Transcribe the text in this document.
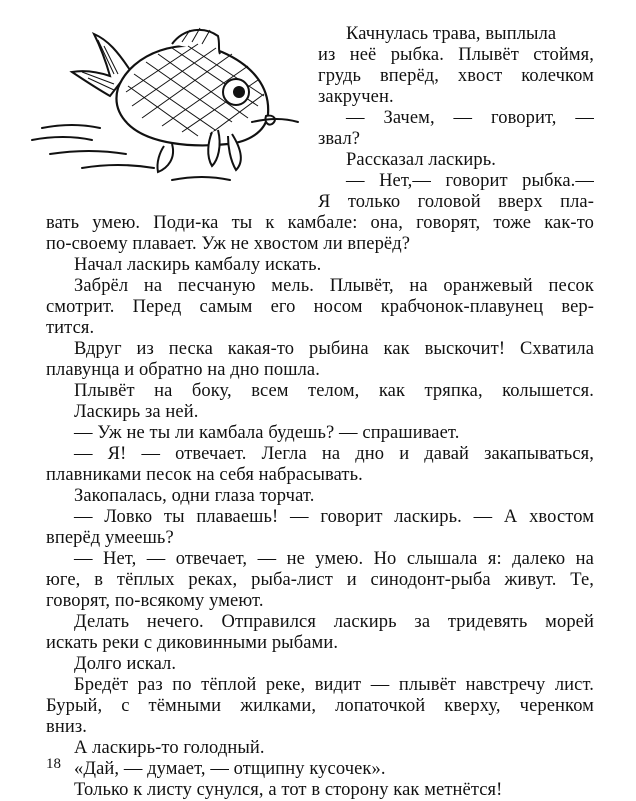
Качнулась трава, выплыла
из неё рыбка. Плывёт стоймя,
грудь вперёд, хвост колечком
закручен.
— Зачем, — говорит, —
звал?
Рассказал ласкирь.
— Нет,— говорит рыбка.—
Я только головой вверх пла-
вать умею. Поди-ка ты к камбале: она, говорят, тоже как-то
по-своему плавает. Уж не хвостом ли вперёд?
Начал ласкирь камбалу искать.
Забрёл на песчаную мель. Плывёт, на оранжевый песок
смотрит. Перед самым его носом крабчонок-плавунец вер-
тится.
Вдруг из песка какая-то рыбина как выскочит! Схватила
плавунца и обратно на дно пошла.
Плывёт на боку, всем телом, как тряпка, колышется.
Ласкирь за ней.
— Уж не ты ли камбала будешь? — спрашивает.
— Я! — отвечает. Легла на дно и давай закапываться,
плавниками песок на себя набрасывать.
Закопалась, одни глаза торчат.
— Ловко ты плаваешь! — говорит ласкирь. — А хвостом
вперёд умеешь?
— Нет, — отвечает, — не умею. Но слышала я: далеко на
юге, в тёплых реках, рыба-лист и синодонт-рыба живут. Те,
говорят, по-всякому умеют.
Делать нечего. Отправился ласкирь за тридевять морей
искать реки с диковинными рыбами.
Долго искал.
Бредёт раз по тёплой реке, видит — плывёт навстречу лист.
Бурый, с тёмными жилками, лопаточкой кверху, черенком
вниз.
А ласкирь-то голодный.
«Дай, — думает, — отщипну кусочек».
Только к листу сунулся, а тот в сторону как метнётся!
18
